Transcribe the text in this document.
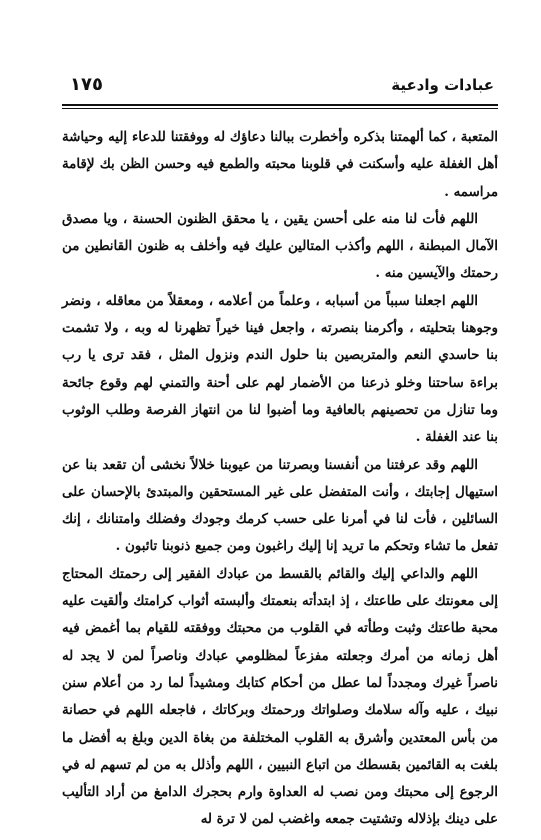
عبادات وادعية
١٧٥

المتعبة ، كما ألهمتنا بذكره وأخطرت ببالنا دعاؤك له ووفقتنا للدعاء إليه وحياشة أهل الغفلة عليه وأسكنت في قلوبنا محبته والطمع فيه وحسن الظن بك لإقامة مراسمه .

اللهم فأت لنا منه على أحسن يقين ، يا محقق الظنون الحسنة ، ويا مصدق الآمال المبطنة ، اللهم وأكذب المتالين عليك فيه وأخلف به ظنون القانطين من رحمتك والآيسين منه .

اللهم اجعلنا سبباً من أسبابه ، وعلماً من أعلامه ، ومعقلاً من معاقله ، ونضر وجوهنا بتحليته ، وأكرمنا بنصرته ، واجعل فينا خيراً تظهرنا له وبه ، ولا تشمت بنا حاسدي النعم والمتربصين بنا حلول الندم ونزول المثل ، فقد ترى يا رب براءة ساحتنا وخلو ذرعنا من الأضمار لهم على أحنة والتمني لهم وقوع جائحة وما تنازل من تحصينهم بالعافية وما أضبوا لنا من انتهاز الفرصة وطلب الوثوب بنا عند الغفلة .

اللهم وقد عرفتنا من أنفسنا وبصرتنا من عيوبنا خلالاً نخشى أن تقعد بنا عن استيهال إجابتك ، وأنت المتفضل على غير المستحقين والمبتدئ بالإحسان على السائلين ، فأت لنا في أمرنا على حسب كرمك وجودك وفضلك وامتنانك ، إنك تفعل ما تشاء وتحكم ما تريد إنا إليك راغبون ومن جميع ذنوبنا تائبون .

اللهم والداعي إليك والقائم بالقسط من عبادك الفقير إلى رحمتك المحتاج إلى معونتك على طاعتك ، إذ ابتدأته بنعمتك وألبسته أثواب كرامتك وألقيت عليه محبة طاعتك وثبت وطأته في القلوب من محبتك ووفقته للقيام بما أغمض فيه أهل زمانه من أمرك وجعلته مفزعاً لمظلومي عبادك وناصراً لمن لا يجد له ناصراً غيرك ومجدداً لما عطل من أحكام كتابك ومشيداً لما رد من أعلام سنن نبيك ، عليه وآله سلامك وصلواتك ورحمتك وبركاتك ، فاجعله اللهم في حصانة من بأس المعتدين وأشرق به القلوب المختلفة من بغاة الدين وبلغ به أفضل ما بلغت به القائمين بقسطك من اتباع النبيين ، اللهم وأذلل به من لم تسهم له في الرجوع إلى محبتك ومن نصب له العداوة وارم بحجرك الدامغ من أراد التأليب على دينك بإذلاله وتشتيت جمعه واغضب لمن لا ترة له
